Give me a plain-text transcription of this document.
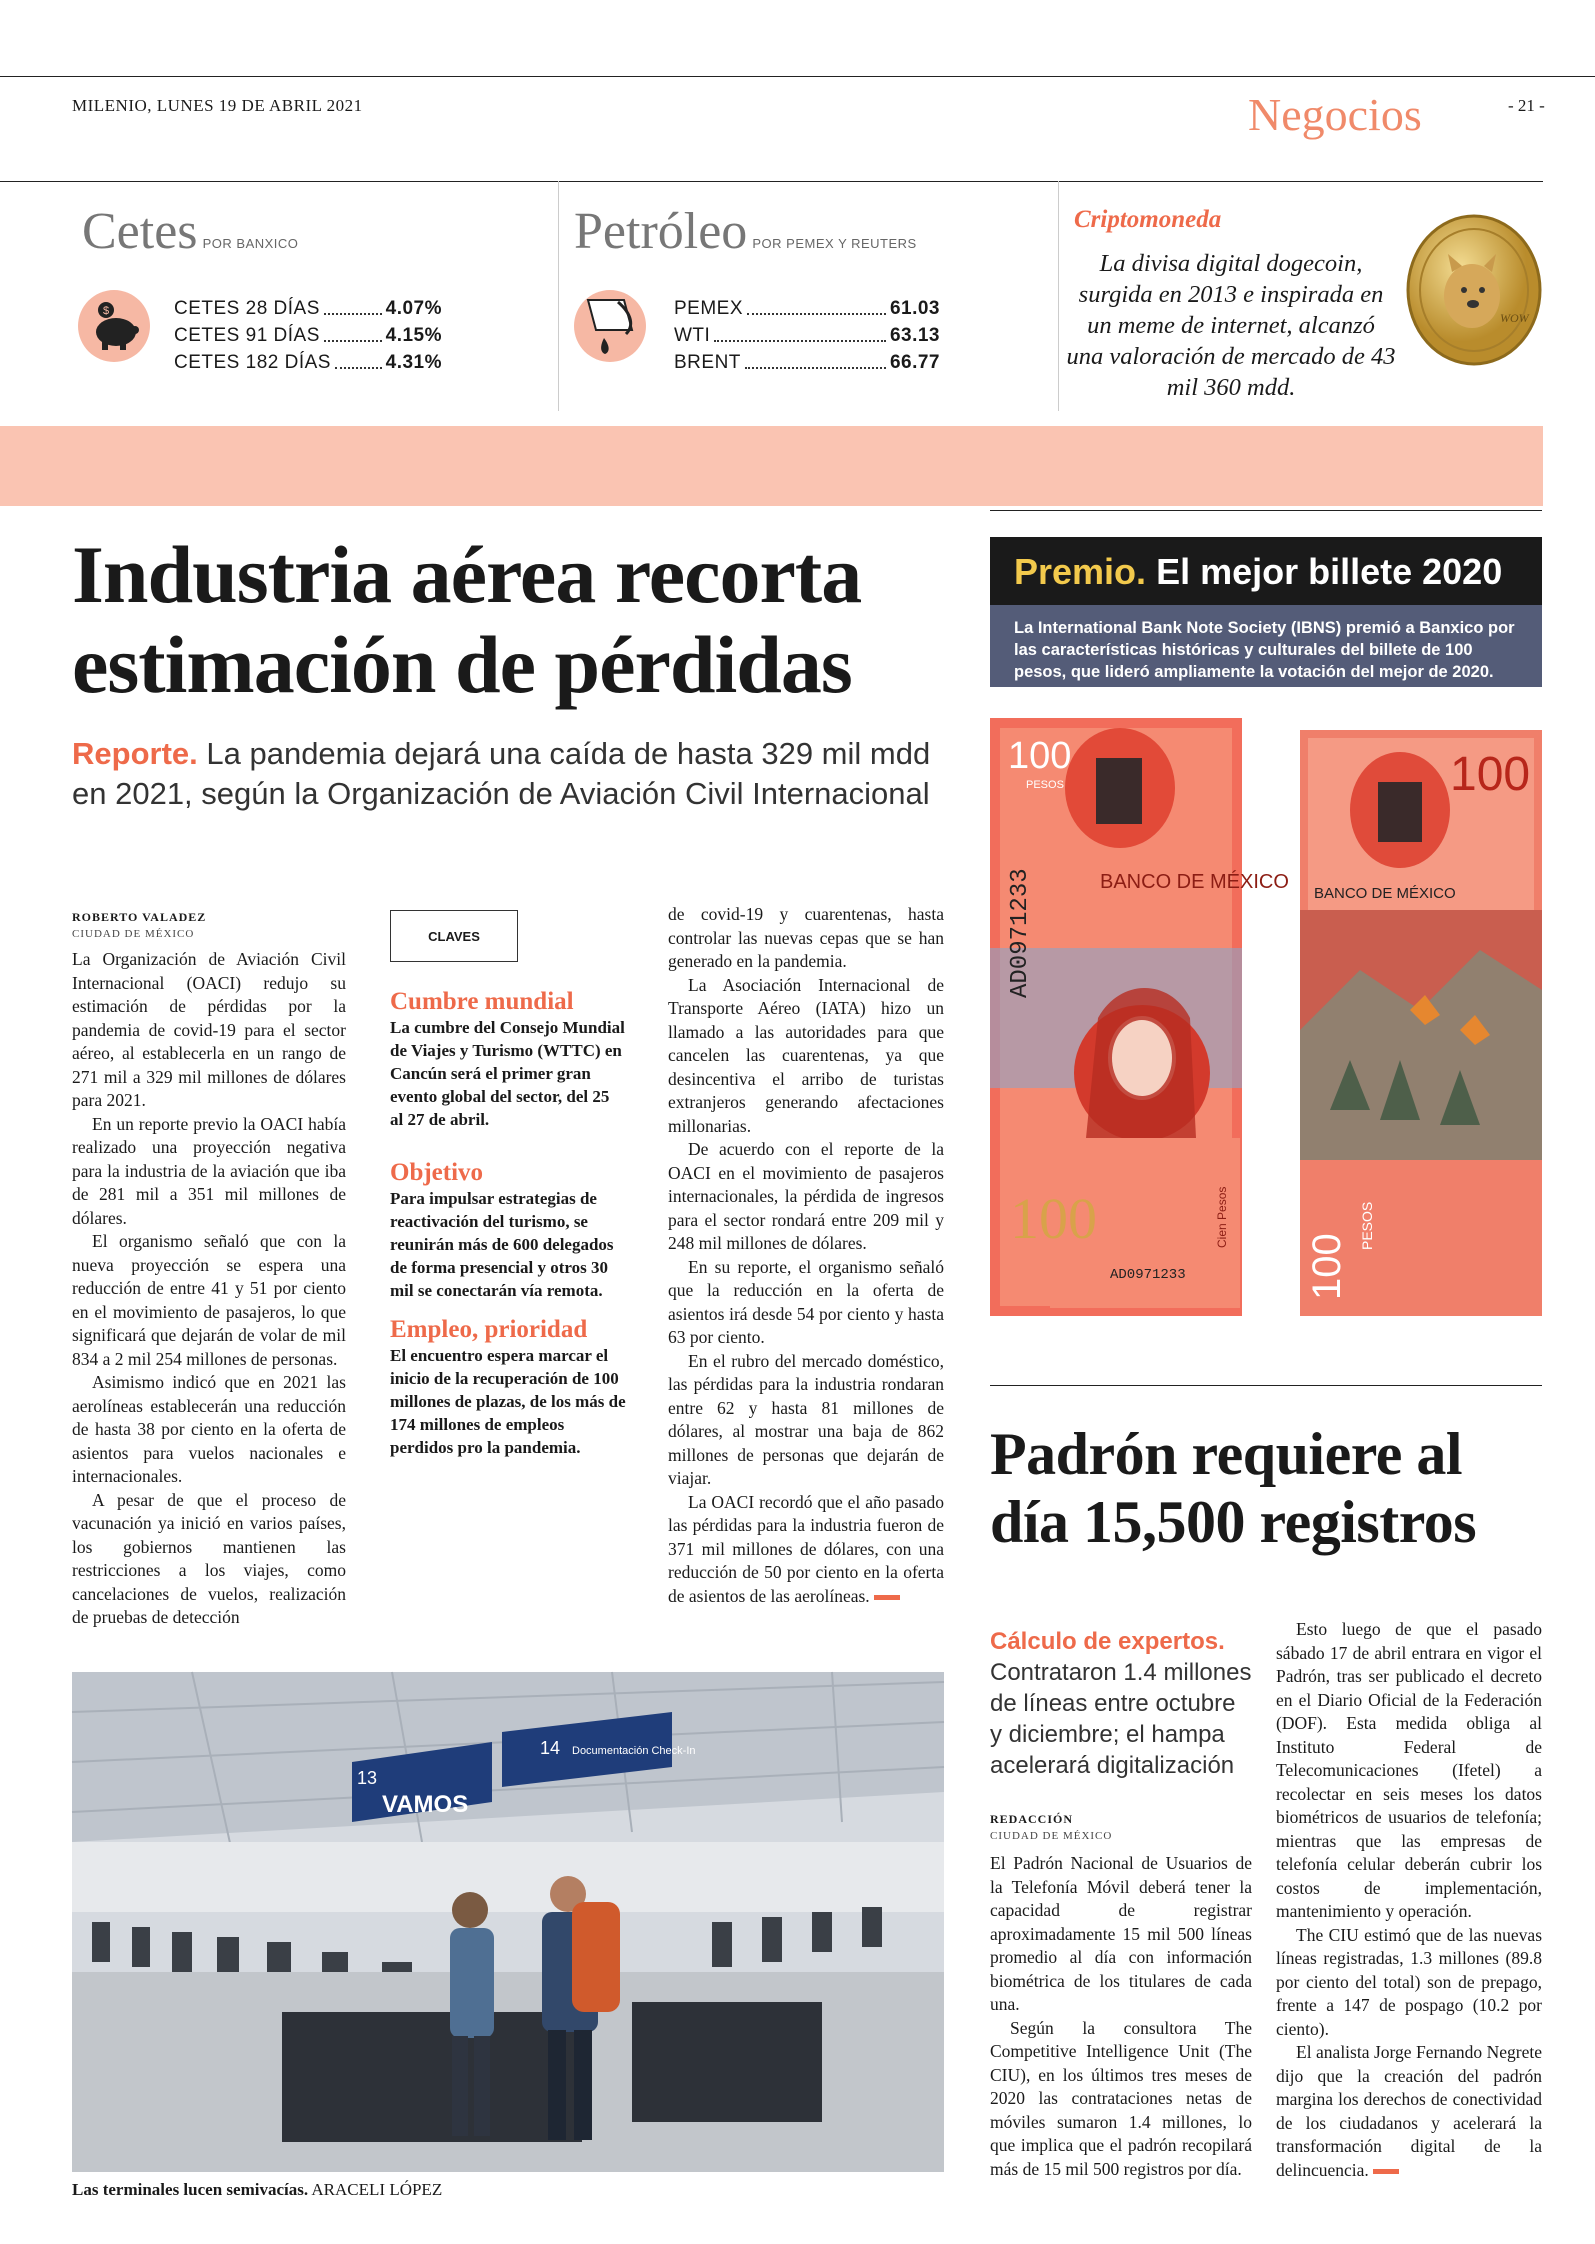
MILENIO, LUNES 19 DE ABRIL 2021	Negocios	- 21 -
Cetes POR BANXICO
$	CETES 28 DÍAS	4.07%
CETES 91 DÍAS	4.15%
CETES 182 DÍAS	4.31%
Petróleo POR PEMEX Y REUTERS
PEMEX	61.03
WTI	63.13
BRENT	66.77
Criptomoneda
La divisa digital dogecoin, surgida en 2013 e inspirada en un meme de internet, alcanzó una valoración de mercado de 43 mil 360 mdd.
WOW
Industria aérea recorta
estimación de pérdidas
Reporte. La pandemia dejará una caída de hasta 329 mil mdd en 2021, según la Organización de Aviación Civil Internacional
ROBERTO VALADEZ
CIUDAD DE MÉXICO

La Organización de Aviación Civil Internacional (OACI) redujo su estimación de pérdidas por la pandemia de covid-19 para el sector aéreo, al establecerla en un rango de 271 mil a 329 mil millones de dólares para 2021.

En un reporte previo la OACI había realizado una proyección negativa para la industria de la aviación que iba de 281 mil a 351 mil millones de dólares.

El organismo señaló que con la nueva proyección se espera una reducción de entre 41 y 51 por ciento en el movimiento de pasajeros, lo que significará que dejarán de volar de mil 834 a 2 mil 254 millones de personas.

Asimismo indicó que en 2021 las aerolíneas establecerán una reducción de hasta 38 por ciento en la oferta de asientos para vuelos nacionales e internacionales.

A pesar de que el proceso de vacunación ya inició en varios países, los gobiernos mantienen las restricciones a los viajes, como cancelaciones de vuelos, realización de pruebas de detección

CLAVES
Cumbre mundial
La cumbre del Consejo Mundial de Viajes y Turismo (WTTC) en Cancún será el primer gran evento global del sector, del 25 al 27 de abril.
Objetivo
Para impulsar estrategias de reactivación del turismo, se reunirán más de 600 delegados de forma presencial y otros 30 mil se conectarán vía remota.
Empleo, prioridad
El encuentro espera marcar el inicio de la recuperación de 100 millones de plazas, de los más de 174 millones de empleos perdidos pro la pandemia.

de covid-19 y cuarentenas, hasta controlar las nuevas cepas que se han generado en la pandemia.

La Asociación Internacional de Transporte Aéreo (IATA) hizo un llamado a las autoridades para que cancelen las cuarentenas, ya que desincentiva el arribo de turistas extranjeros generando afectaciones millonarias.

De acuerdo con el reporte de la OACI en el movimiento de pasajeros internacionales, la pérdida de ingresos para el sector rondará entre 209 mil y 248 mil millones de dólares.

En su reporte, el organismo señaló que la reducción en la oferta de asientos irá desde 54 por ciento y hasta 63 por ciento.

En el rubro del mercado doméstico, las pérdidas para la industria rondaran entre 62 y hasta 81 millones de dólares, al mostrar una baja de 862 millones de personas que dejarán de viajar.

La OACI recordó que el año pasado las pérdidas para la industria fueron de 371 mil millones de dólares, con una reducción de 50 por ciento en la oferta de asientos de las aerolíneas.

13
VAMOS
14 Documentación Check-In
Las terminales lucen semivacías. ARACELI LÓPEZ
Premio. El mejor billete 2020
La International Bank Note Society (IBNS) premió a Banxico por las características históricas y culturales del billete de 100 pesos, que lideró ampliamente la votación del mejor de 2020. ESPECIAL
100
PESOS
BANCO DE MÉXICO
AD0971233
100
AD0971233
Cien Pesos
100
BANCO DE MÉXICO
100
PESOS
Padrón requiere al
día 15,500 registros
Cálculo de expertos.
Contrataron 1.4 millones de líneas entre octubre y diciembre; el hampa acelerará digitalización
REDACCIÓN
CIUDAD DE MÉXICO

El Padrón Nacional de Usuarios de la Telefonía Móvil deberá tener la capacidad de registrar aproximadamente 15 mil 500 líneas promedio al día con información biométrica de los titulares de cada una.

Según la consultora The Competitive Intelligence Unit (The CIU), en los últimos tres meses de 2020 las contrataciones netas de móviles sumaron 1.4 millones, lo que implica que el padrón recopilará más de 15 mil 500 registros por día.

Esto luego de que el pasado sábado 17 de abril entrara en vigor el Padrón, tras ser publicado el decreto en el Diario Oficial de la Federación (DOF). Esta medida obliga al Instituto Federal de Telecomunicaciones (Ifetel) a recolectar en seis meses los datos biométricos de usuarios de telefonía; mientras que las empresas de telefonía celular deberán cubrir los costos de implementación, mantenimiento y operación.

The CIU estimó que de las nuevas líneas registradas, 1.3 millones (89.8 por ciento del total) son de prepago, frente a 147 de pospago (10.2 por ciento).

El analista Jorge Fernando Negrete dijo que la creación del padrón margina los derechos de conectividad de los ciudadanos y acelerará la transformación digital de la delincuencia.
